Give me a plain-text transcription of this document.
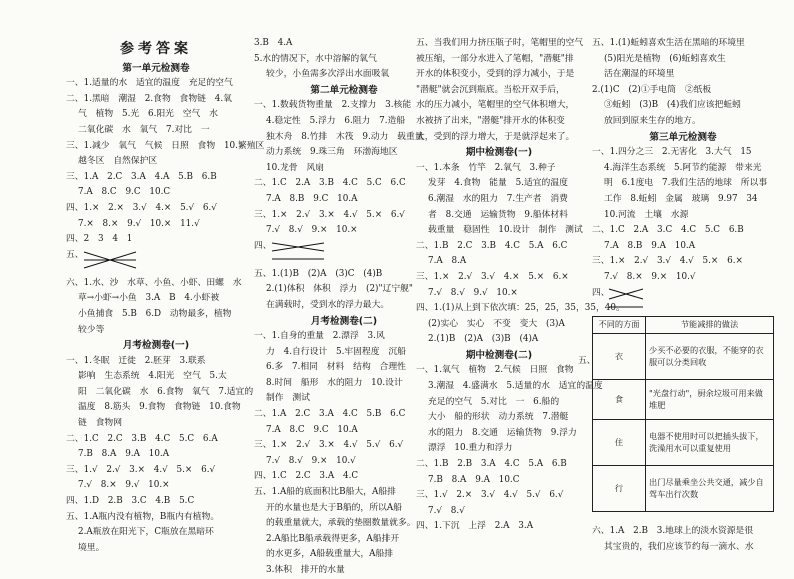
参考答案
第一单元检测卷
一、1.适量的水　适宜的温度　充足的空气
二、1.黑暗　潮湿　2.食物　食物链　4.氧
气　植物　5.光　6.阳光　空气　水
二氧化碳　水　氧气　7.对比　一
三、1.减少　氧气　气候　日照　食物　10.繁殖区
越冬区　自然保护区
三、1.A　2.C　3.A　4.A　5.B　6.B
7.A　8.C　9.C　10.C
四、1.×　2.×　3.√　4.×　5.√　6.√
7.×　8.×　9.√　10.×　11.√
四、2　3　4　1
五、
六、1.水、沙　水草、小鱼、小虾、田螺　水
草→小虾→小鱼　3.A　B　4.小虾被
小鱼捕食　5.B　6.D　动物最多，植物
较少等
月考检测卷(一)
一、1.冬眠　迁徙　2.胚芽　3.联系
影响　生态系统　4.阳光　空气　5.太
阳　二氧化碳　水　6.食物　氧气　7.适宜的
温度　8.筋头　9.食物　食物链　10.食物
链　食物网
二、1.C　2.C　3.B　4.C　5.C　6.A
7.B　8.A　9.A　10.A
三、1.√　2.√　3.×　4.√　5.×　6.√
7.√　8.×　9.√　10.×
四、1.D　2.B　3.C　4.B　5.C
五、1.A瓶内没有植物，B瓶内有植物。
2.A瓶放在阳光下，C瓶放在黑暗环
境里。
3.B　4.A
5.水的情况下，水中溶解的氧气
较少，小鱼需多次浮出水面吸氧
第二单元检测卷
一、1.数载货物重量　2.支撑力　3.核能
4.稳定性　5.浮力　6.阻力　7.造船
独木舟　8.竹排　木筏　9.动力　载重量
动力系统　9.珠三角　环渤海地区
10.龙骨　风扇
二、1.C　2.A　3.B　4.C　5.C　6.C
7.A　8.B　9.C　10.A
三、1.×　2.√　3.×　4.√　5.×　6.√
7.√　8.√　9.×　10.×
四、
五、1.(1)B　(2)A　(3)C　(4)B
2.(1)体积　体积　浮力　(2)"辽宁舰"
在满载时，受到水的浮力最大。
月考检测卷(二)
一、1.自身的重量　2.漂浮　3.风
力　4.自行设计　5.牢固程度　沉船
6.多　7.相同　材料　结构　合理性
8.时间　船形　水的阻力　10.设计
制作　测试
二、1.A　2.C　3.A　4.C　5.B　6.C
7.A　8.C　9.C　10.A
三、1.×　2.√　3.×　4.√　5.√　6.√
7.√　8.√　9.×　10.√
四、1.C　2.C　3.A　4.C
五、1.A船的底面积比B船大，A船排
开的水量也是大于B船的，所以A船
的载重量就大，承载的垫圈数量就多。
2.A船比B船承载得更多，A船排开
的水更多，A船载重量大，A船排
3.体积　排开的水量
五、当我们用力挤压瓶子时，笔帽里的空气
被压缩，一部分水进入了笔帽，"潜艇"排
开水的体积变小，受到的浮力减小，于是
"潜艇"就会沉到瓶底。当松开双手后，
水的压力减小，笔帽里的空气体积增大，
水被挤了出来，"潜艇"排开水的体积变
大，受到的浮力增大，于是就浮起来了。
期中检测卷(一)
一、1.本条　竹竿　2.氧气　3.种子
发芽　4.食物　能量　5.适宜的温度
6.潮湿　水的阻力　7.生产者　消费
者　8.交通　运输货物　9.船体材料
载重量　稳固性　10.设计　制作　测试
二、1.B　2.C　3.B　4.C　5.A　6.C
7.A　8.A
三、1.×　2.√　3.√　4.×　5.×　6.×
7.√　8.√　9.√　10.×
四、1.(1)从上到下依次填：25，25，35，35，40。
(2)实心　实心　不变　变大　(3)A
2.(1)B　(2)A　(3)B　(4)A
期中检测卷(二)
一、1.氧气　植物　2.气候　日照　食物
3.潮湿　4.盛满水　5.适量的水　适宜的温度
充足的空气　5.对比　一　6.船的
大小　船的形状　动力系统　7.潜艇
水的阻力　8.交通　运输货物　9.浮力
漂浮　10.重力和浮力
二、1.B　2.B　3.A　4.C　5.A　6.B
7.B　8.A　9.A　10.C
三、1.√　2.×　3.√　4.√　5.√　6.√
7.√　8.√
四、1.下沉　上浮　2.A　3.A
五、1.(1)蚯蚓喜欢生活在黑暗的环境里
(5)阳光是植物　(6)蚯蚓喜欢生
活在潮湿的环境里
2.(1)C　(2)①手电筒　②纸板
③蚯蚓　(3)B　(4)我们应该把蚯蚓
放回到原来生存的地方。
第三单元检测卷
一、1.四分之三　2.无害化　3.大气　15
4.海洋生态系统　5.阿节约能源　带来光
明　6.1度电　7.我们生活的地球　所以事
工作　8.蚯蚓　金属　玻璃　9.97　34
10.河流　土壤　水源
二、1.C　2.A　3.C　4.C　5.C　6.B
7.A　8.B　9.A　10.A
三、1.×　2.√　3.√　4.√　5.×　6.×
7.√　8.×　9.×　10.√
四、
五、
不同的方面	节能减排的做法
衣	少买不必要的衣服，不能穿的衣服可以分类回收
食	"光盘行动"，厨余垃圾可用来做堆肥
住	电器不使用时可以把插头拔下，洗澡用水可以重复使用
行	出门尽量乘坐公共交通，减少自驾车出行次数
六、1.A　2.B　3.地球上的淡水资源是很
其宝贵的，我们应该节约每一滴水、水
